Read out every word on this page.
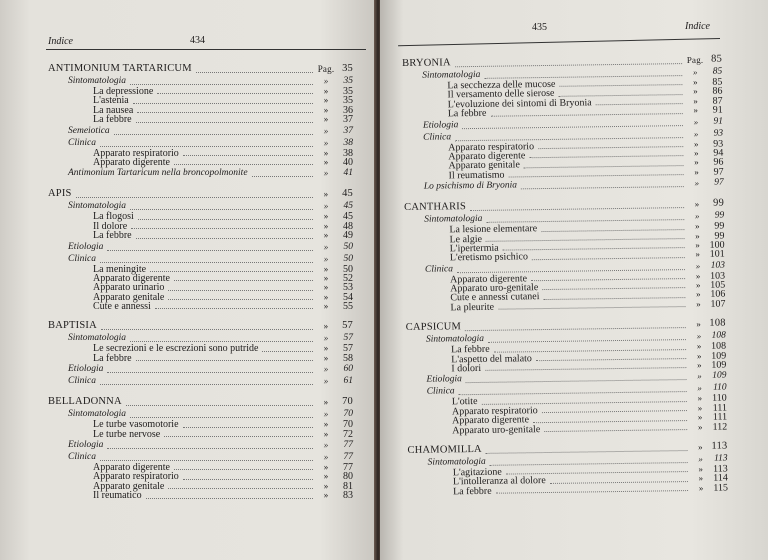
Indice	434
ANTIMONIUM TARTARICUM	Pag. 35
Sintomatologia	»	35
La depressione	»	35
L'astenia	»	35
La nausea	»	36
La febbre	»	37
Semeiotica	»	37
Clinica	»	38
Apparato respiratorio	»	38
Apparato digerente	»	40
Antimonium Tartaricum nella broncopolmonite	»	41
APIS	»	45
Sintomatologia	»	45
La flogosi	»	45
Il dolore	»	48
La febbre	»	49
Etiologia	»	50
Clinica	»	50
La meningite	»	50
Apparato digerente	»	52
Apparato urinario	»	53
Apparato genitale	»	54
Cute e annessi	»	55
BAPTISIA	»	57
Sintomatologia	»	57
Le secrezioni e le escrezioni sono putride	»	57
La febbre	»	58
Etiologia	»	60
Clinica	»	61
BELLADONNA	»	70
Sintomatologia	»	70
Le turbe vasomotorie	»	70
Le turbe nervose	»	72
Etiologia	»	77
Clinica	»	77
Apparato digerente	»	77
Apparato respiratorio	»	80
Apparato genitale	»	81
Il reumatico	»	83
435	Indice
BRYONIA	Pag. 85
Sintomatologia	»	85
La secchezza delle mucose	»	85
Il versamento delle sierose	»	86
L'evoluzione dei sintomi di Bryonia	»	87
La febbre	»	91
Etiologia	»	91
Clinica	»	93
Apparato respiratorio	»	93
Apparato digerente	»	94
Apparato genitale	»	96
Il reumatismo	»	97
Lo psichismo di Bryonia	»	97
CANTHARIS	»	99
Sintomatologia	»	99
La lesione elementare	»	99
Le algie	»	99
L'ipertermia	» 100
L'eretismo psichico	» 101
Clinica	»	103
Apparato digerente	» 103
Apparato uro-genitale	» 105
Cute e annessi cutanei	» 106
La pleurite	» 107
CAPSICUM	» 108
Sintomatologia	»	108
La febbre	» 108
L'aspetto del malato	» 109
I dolori	» 109
Etiologia	»	109
Clinica	»	110
L'otite	» 110
Apparato respiratorio	»	111
Apparato digerente	»	111
Apparato uro-genitale	» 112
CHAMOMILLA	» 113
Sintomatologia	»	113
L'agitazione	» 113
L'intolleranza al dolore	» 114
La febbre	» 115
